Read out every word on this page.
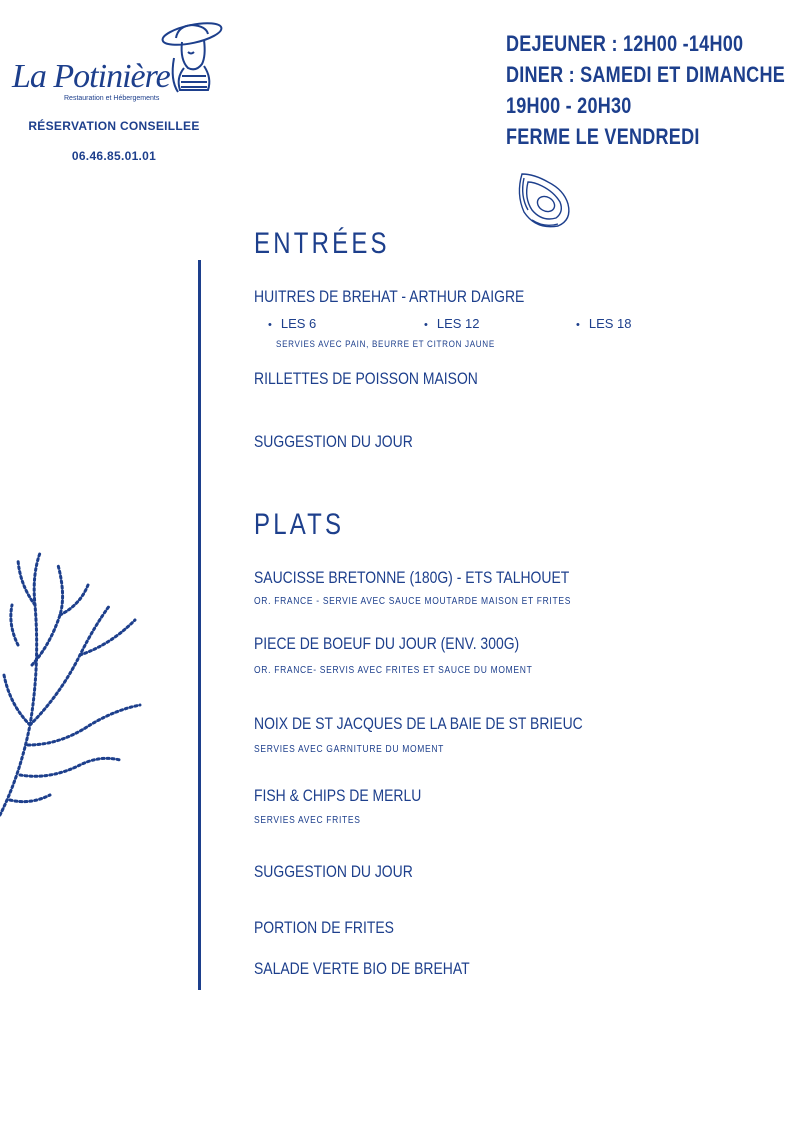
La Potinière
Restauration et Hébergements
RÉSERVATION CONSEILLEE
06.46.85.01.01
DEJEUNER : 12H00 -14H00
DINER : SAMEDI ET DIMANCHE
19H00 - 20H30
FERME LE VENDREDI
ENTRÉES
HUITRES DE BREHAT - ARTHUR DAIGRE
• LES 6	• LES 12	• LES 18
SERVIES AVEC PAIN, BEURRE ET CITRON JAUNE
RILLETTES DE POISSON MAISON
SUGGESTION DU JOUR
PLATS
SAUCISSE BRETONNE (180G) - ETS TALHOUET
OR. FRANCE - SERVIE AVEC SAUCE MOUTARDE MAISON ET FRITES
PIECE DE BOEUF DU JOUR (ENV. 300G)
OR. FRANCE- SERVIS AVEC FRITES ET SAUCE DU MOMENT
NOIX DE ST JACQUES DE LA BAIE DE ST BRIEUC
SERVIES AVEC GARNITURE DU MOMENT
FISH & CHIPS DE MERLU
SERVIES AVEC FRITES
SUGGESTION DU JOUR
PORTION DE FRITES
SALADE VERTE BIO DE BREHAT
